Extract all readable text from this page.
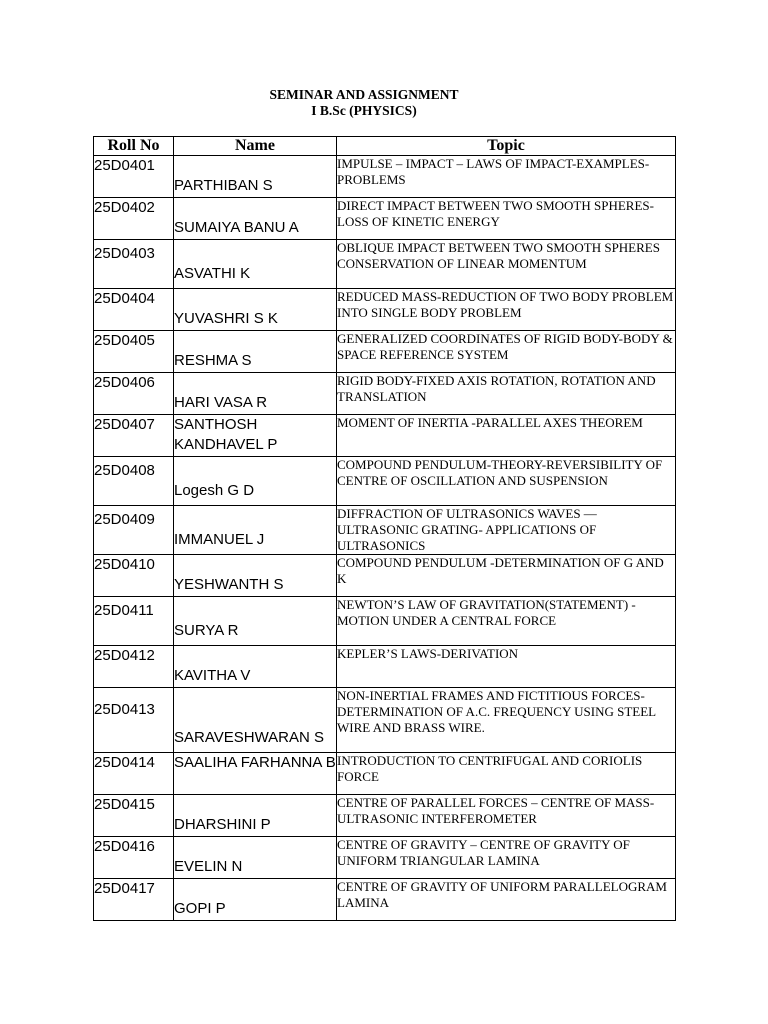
SEMINAR AND ASSIGNMENT
I B.Sc (PHYSICS)
Roll No	Name	Topic

25D0401	PARTHIBAN S	IMPULSE – IMPACT – LAWS OF IMPACT-EXAMPLES-PROBLEMS

25D0402	SUMAIYA BANU A	DIRECT IMPACT BETWEEN TWO SMOOTH SPHERES- LOSS OF KINETIC ENERGY

25D0403	ASVATHI K	OBLIQUE IMPACT BETWEEN TWO SMOOTH SPHERES CONSERVATION OF LINEAR MOMENTUM

25D0404	YUVASHRI S K	REDUCED MASS-REDUCTION OF TWO BODY PROBLEM INTO SINGLE BODY PROBLEM

25D0405	RESHMA S	GENERALIZED COORDINATES OF RIGID BODY-BODY & SPACE REFERENCE SYSTEM

25D0406	HARI VASA R	RIGID BODY-FIXED AXIS ROTATION, ROTATION AND TRANSLATION

25D0407	SANTHOSH KANDHAVEL P	MOMENT OF INERTIA -PARALLEL AXES THEOREM

25D0408	Logesh G D	COMPOUND PENDULUM-THEORY-REVERSIBILITY OF CENTRE OF OSCILLATION AND SUSPENSION

25D0409	IMMANUEL J	DIFFRACTION OF ULTRASONICS WAVES — ULTRASONIC GRATING- APPLICATIONS OF ULTRASONICS

25D0410	YESHWANTH S	COMPOUND PENDULUM -DETERMINATION OF G AND K

25D0411	SURYA R	NEWTON’S LAW OF GRAVITATION(STATEMENT) -MOTION UNDER A CENTRAL FORCE

25D0412	KAVITHA V	KEPLER’S LAWS-DERIVATION

25D0413	SARAVESHWARAN S	NON-INERTIAL FRAMES AND FICTITIOUS FORCES- DETERMINATION OF A.C. FREQUENCY USING STEEL WIRE AND BRASS WIRE.

25D0414	SAALIHA FARHANNA B	INTRODUCTION TO CENTRIFUGAL AND CORIOLIS FORCE

25D0415	DHARSHINI P	CENTRE OF PARALLEL FORCES – CENTRE OF MASS- ULTRASONIC INTERFEROMETER

25D0416	EVELIN N	CENTRE OF GRAVITY – CENTRE OF GRAVITY OF UNIFORM TRIANGULAR LAMINA

25D0417	GOPI P	CENTRE OF GRAVITY OF UNIFORM PARALLELOGRAM LAMINA
